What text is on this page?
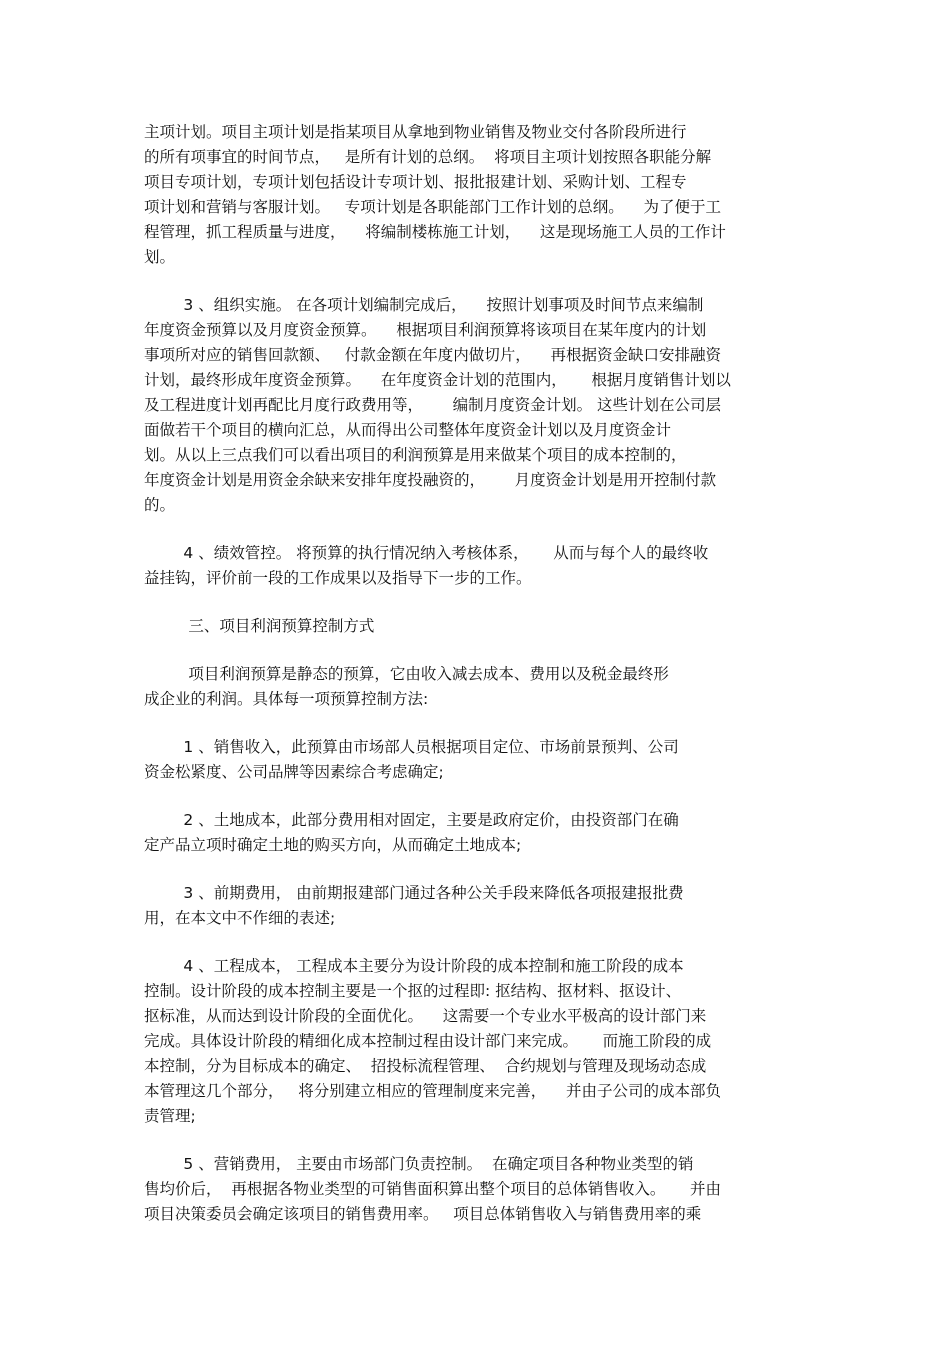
主项计划。项目主项计划是指某项目从拿地到物业销售及物业交付各阶段所进行

的所有项事宜的时间节点，   是所有计划的总纲。  将项目主项计划按照各职能分解

项目专项计划，专项计划包括设计专项计划、报批报建计划、采购计划、工程专

项计划和营销与客服计划。   专项计划是各职能部门工作计划的总纲。    为了便于工

程管理，抓工程质量与进度，    将编制楼栋施工计划，    这是现场施工人员的工作计

划。

3 、组织实施。 在各项计划编制完成后，    按照计划事项及时间节点来编制

年度资金预算以及月度资金预算。    根据项目利润预算将该项目在某年度内的计划

事项所对应的销售回款额、   付款金额在年度内做切片，    再根据资金缺口安排融资

计划，最终形成年度资金预算。    在年度资金计划的范围内，     根据月度销售计划以

及工程进度计划再配比月度行政费用等，      编制月度资金计划。 这些计划在公司层

面做若干个项目的横向汇总，从而得出公司整体年度资金计划以及月度资金计

划。从以上三点我们可以看出项目的利润预算是用来做某个项目的成本控制的，

年度资金计划是用资金余缺来安排年度投融资的，      月度资金计划是用开控制付款

的。

4 、绩效管控。 将预算的执行情况纳入考核体系，     从而与每个人的最终收

益挂钩，评价前一段的工作成果以及指导下一步的工作。

三、项目利润预算控制方式

项目利润预算是静态的预算，它由收入减去成本、费用以及税金最终形

成企业的利润。具体每一项预算控制方法:

1 、销售收入，此预算由市场部人员根据项目定位、市场前景预判、公司

资金松紧度、公司品牌等因素综合考虑确定;

2 、土地成本，此部分费用相对固定，主要是政府定价，由投资部门在确

定产品立项时确定土地的购买方向，从而确定土地成本;

3 、前期费用， 由前期报建部门通过各种公关手段来降低各项报建报批费

用，在本文中不作细的表述;

4 、工程成本， 工程成本主要分为设计阶段的成本控制和施工阶段的成本

控制。设计阶段的成本控制主要是一个抠的过程即: 抠结构、抠材料、抠设计、

抠标准，从而达到设计阶段的全面优化。    这需要一个专业水平极高的设计部门来

完成。具体设计阶段的精细化成本控制过程由设计部门来完成。     而施工阶段的成

本控制，分为目标成本的确定、  招投标流程管理、  合约规划与管理及现场动态成

本管理这几个部分，   将分别建立相应的管理制度来完善，    并由子公司的成本部负

责管理;

5 、营销费用， 主要由市场部门负责控制。  在确定项目各种物业类型的销

售均价后，  再根据各物业类型的可销售面积算出整个项目的总体销售收入。     并由

项目决策委员会确定该项目的销售费用率。   项目总体销售收入与销售费用率的乘
